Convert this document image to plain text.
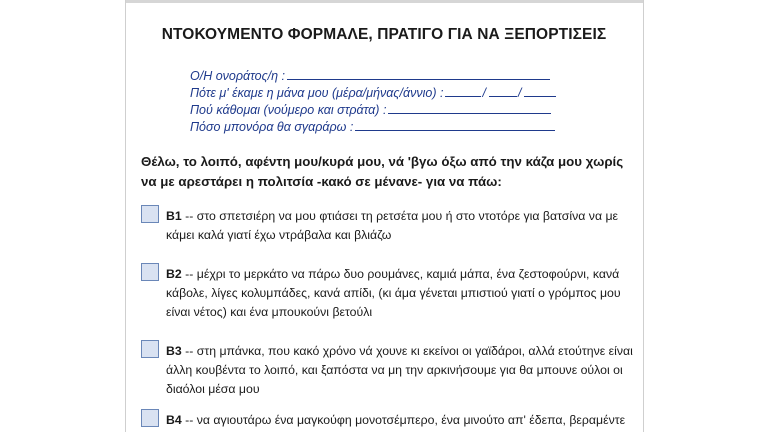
ΝΤΟΚΟΥΜΕΝΤΟ ΦΟΡΜΑΛΕ, ΠΡΑΤΙΓΟ ΓΙΑ ΝΑ ΞΕΠΟΡΤΙΣΕΙΣ
Ο/Η ονοράτος/η :
Πότε μ' έκαμε η μάνα μου (μέρα/μήνας/άννιο) :	/	/
Πού κάθομαι (νούμερο και στράτα) :
Πόσο μπονόρα θα σγαράρω :
Θέλω, το λοιπό, αφέντη μου/κυρά μου, νά 'βγω όξω από την κάζα μου χωρίς να με αρεστάρει η πολιτσία -κακό σε μένανε- για να πάω:
B1 -- στο σπετσιέρη να μου φτιάσει τη ρετσέτα μου ή στο ντοτόρε για βατσίνα να με κάμει καλά γιατί έχω ντράβαλα και βλιάζω
B2 -- μέχρι το μερκάτο να πάρω δυο ρουμάνες, καμιά μάπα, ένα ζεστοφούρνι, κανά κάβολε, λίγες κολυμπάδες, κανά απίδι, (κι άμα γένεται μπιστιού γιατί ο γρόμπος μου είναι νέτος) και ένα μπουκούνι βετούλι
B3 -- στη μπάνκα, που κακό χρόνο νά χουνε κι εκείνοι οι γαϊδάροι, αλλά ετούτηνε είναι άλλη κουβέντα το λοιπό, και ξαπόστα να μη την αρκινήσουμε για θα μπουνε ούλοι οι διαόλοι μέσα μου
B4 -- να αγιουτάρω ένα μαγκούφη μονοτσέμπερο, ένα μινούτο απ' έδεπα, βεραμέντε
